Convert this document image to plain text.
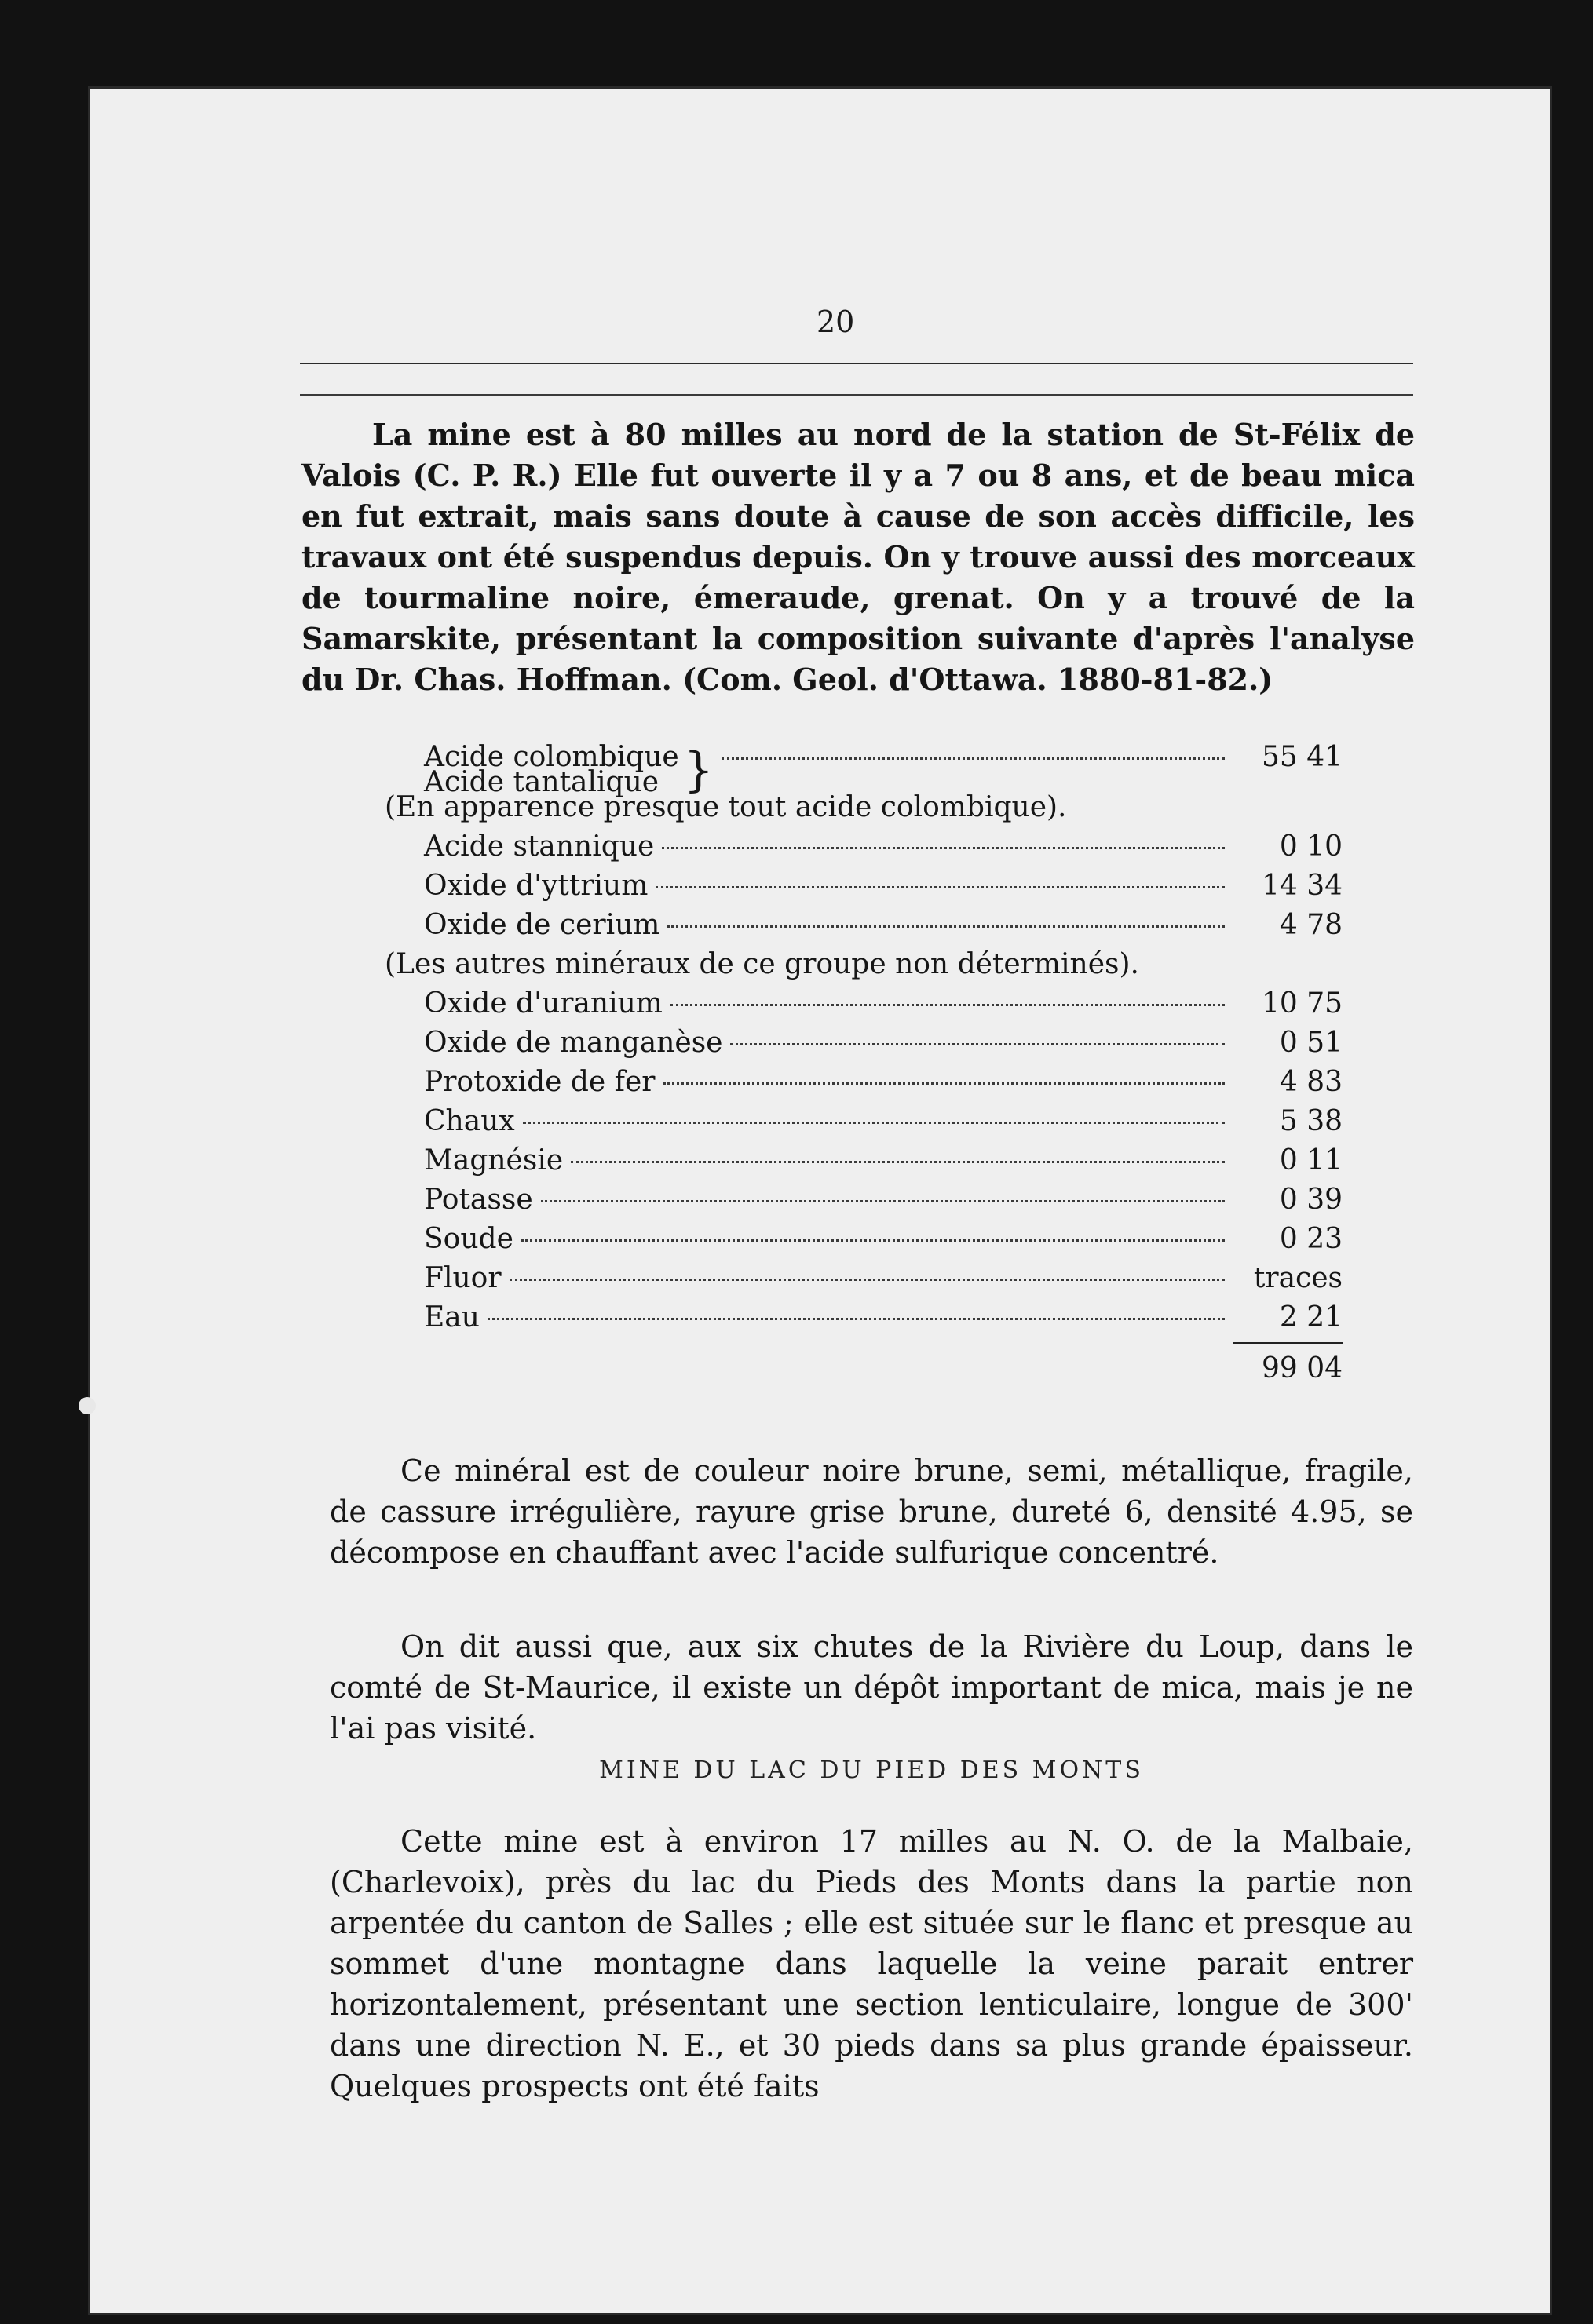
20

La mine est à 80 milles au nord de la station de St-Félix de Valois (C. P. R.) Elle fut ouverte il y a 7 ou 8 ans, et de beau mica en fut extrait, mais sans doute à cause de son accès difficile, les travaux ont été suspendus depuis. On y trouve aussi des morceaux de tourmaline noire, émeraude, grenat. On y a trouvé de la Samarskite, présentant la composition suivante d'après l'analyse du Dr. Chas. Hoffman. (Com. Geol. d'Ottawa. 1880-81-82.)

Acide colombique
Acide tantalique }	55 41
(En apparence presque tout acide colombique).
Acide stannique	0 10
Oxide d'yttrium	14 34
Oxide de cerium	4 78
(Les autres minéraux de ce groupe non déterminés).
Oxide d'uranium	10 75
Oxide de manganèse	0 51
Protoxide de fer	4 83
Chaux	5 38
Magnésie	0 11
Potasse	0 39
Soude	0 23
Fluor	traces
Eau	2 21
99 04

Ce minéral est de couleur noire brune, semi, métallique, fragile, de cassure irrégulière, rayure grise brune, dureté 6, densité 4.95, se décompose en chauffant avec l'acide sulfurique concentré.

On dit aussi que, aux six chutes de la Rivière du Loup, dans le comté de St-Maurice, il existe un dépôt important de mica, mais je ne l'ai pas visité.

MINE DU LAC DU PIED DES MONTS

Cette mine est à environ 17 milles au N. O. de la Malbaie, (Charlevoix), près du lac du Pieds des Monts dans la partie non arpentée du canton de Salles ; elle est située sur le flanc et presque au sommet d'une montagne dans laquelle la veine parait entrer horizontalement, présentant une section lenticulaire, longue de 300' dans une direction N. E., et 30 pieds dans sa plus grande épaisseur. Quelques prospects ont été faits
